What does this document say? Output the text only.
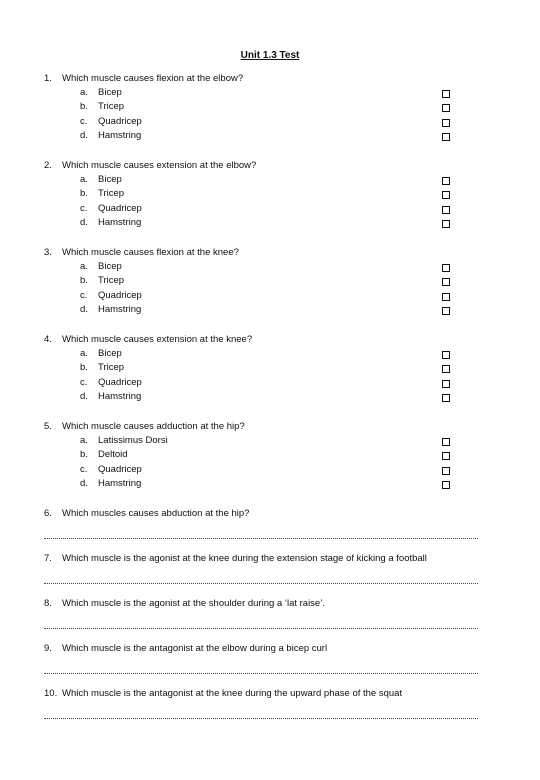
Unit 1.3 Test
1. Which muscle causes flexion at the elbow?
a. Bicep
b. Tricep
c. Quadricep
d. Hamstring
2. Which muscle causes extension at the elbow?
a. Bicep
b. Tricep
c. Quadricep
d. Hamstring
3. Which muscle causes flexion at the knee?
a. Bicep
b. Tricep
c. Quadricep
d. Hamstring
4. Which muscle causes extension at the knee?
a. Bicep
b. Tricep
c. Quadricep
d. Hamstring
5. Which muscle causes adduction at the hip?
a. Latissimus Dorsi
b. Deltoid
c. Quadricep
d. Hamstring
6. Which muscles causes abduction at the hip?
7. Which muscle is the agonist at the knee during the extension stage of kicking a football
8. Which muscle is the agonist at the shoulder during a ‘lat raise’.
9. Which muscle is the antagonist at the elbow during a bicep curl
10. Which muscle is the antagonist at the knee during the upward phase of the squat
